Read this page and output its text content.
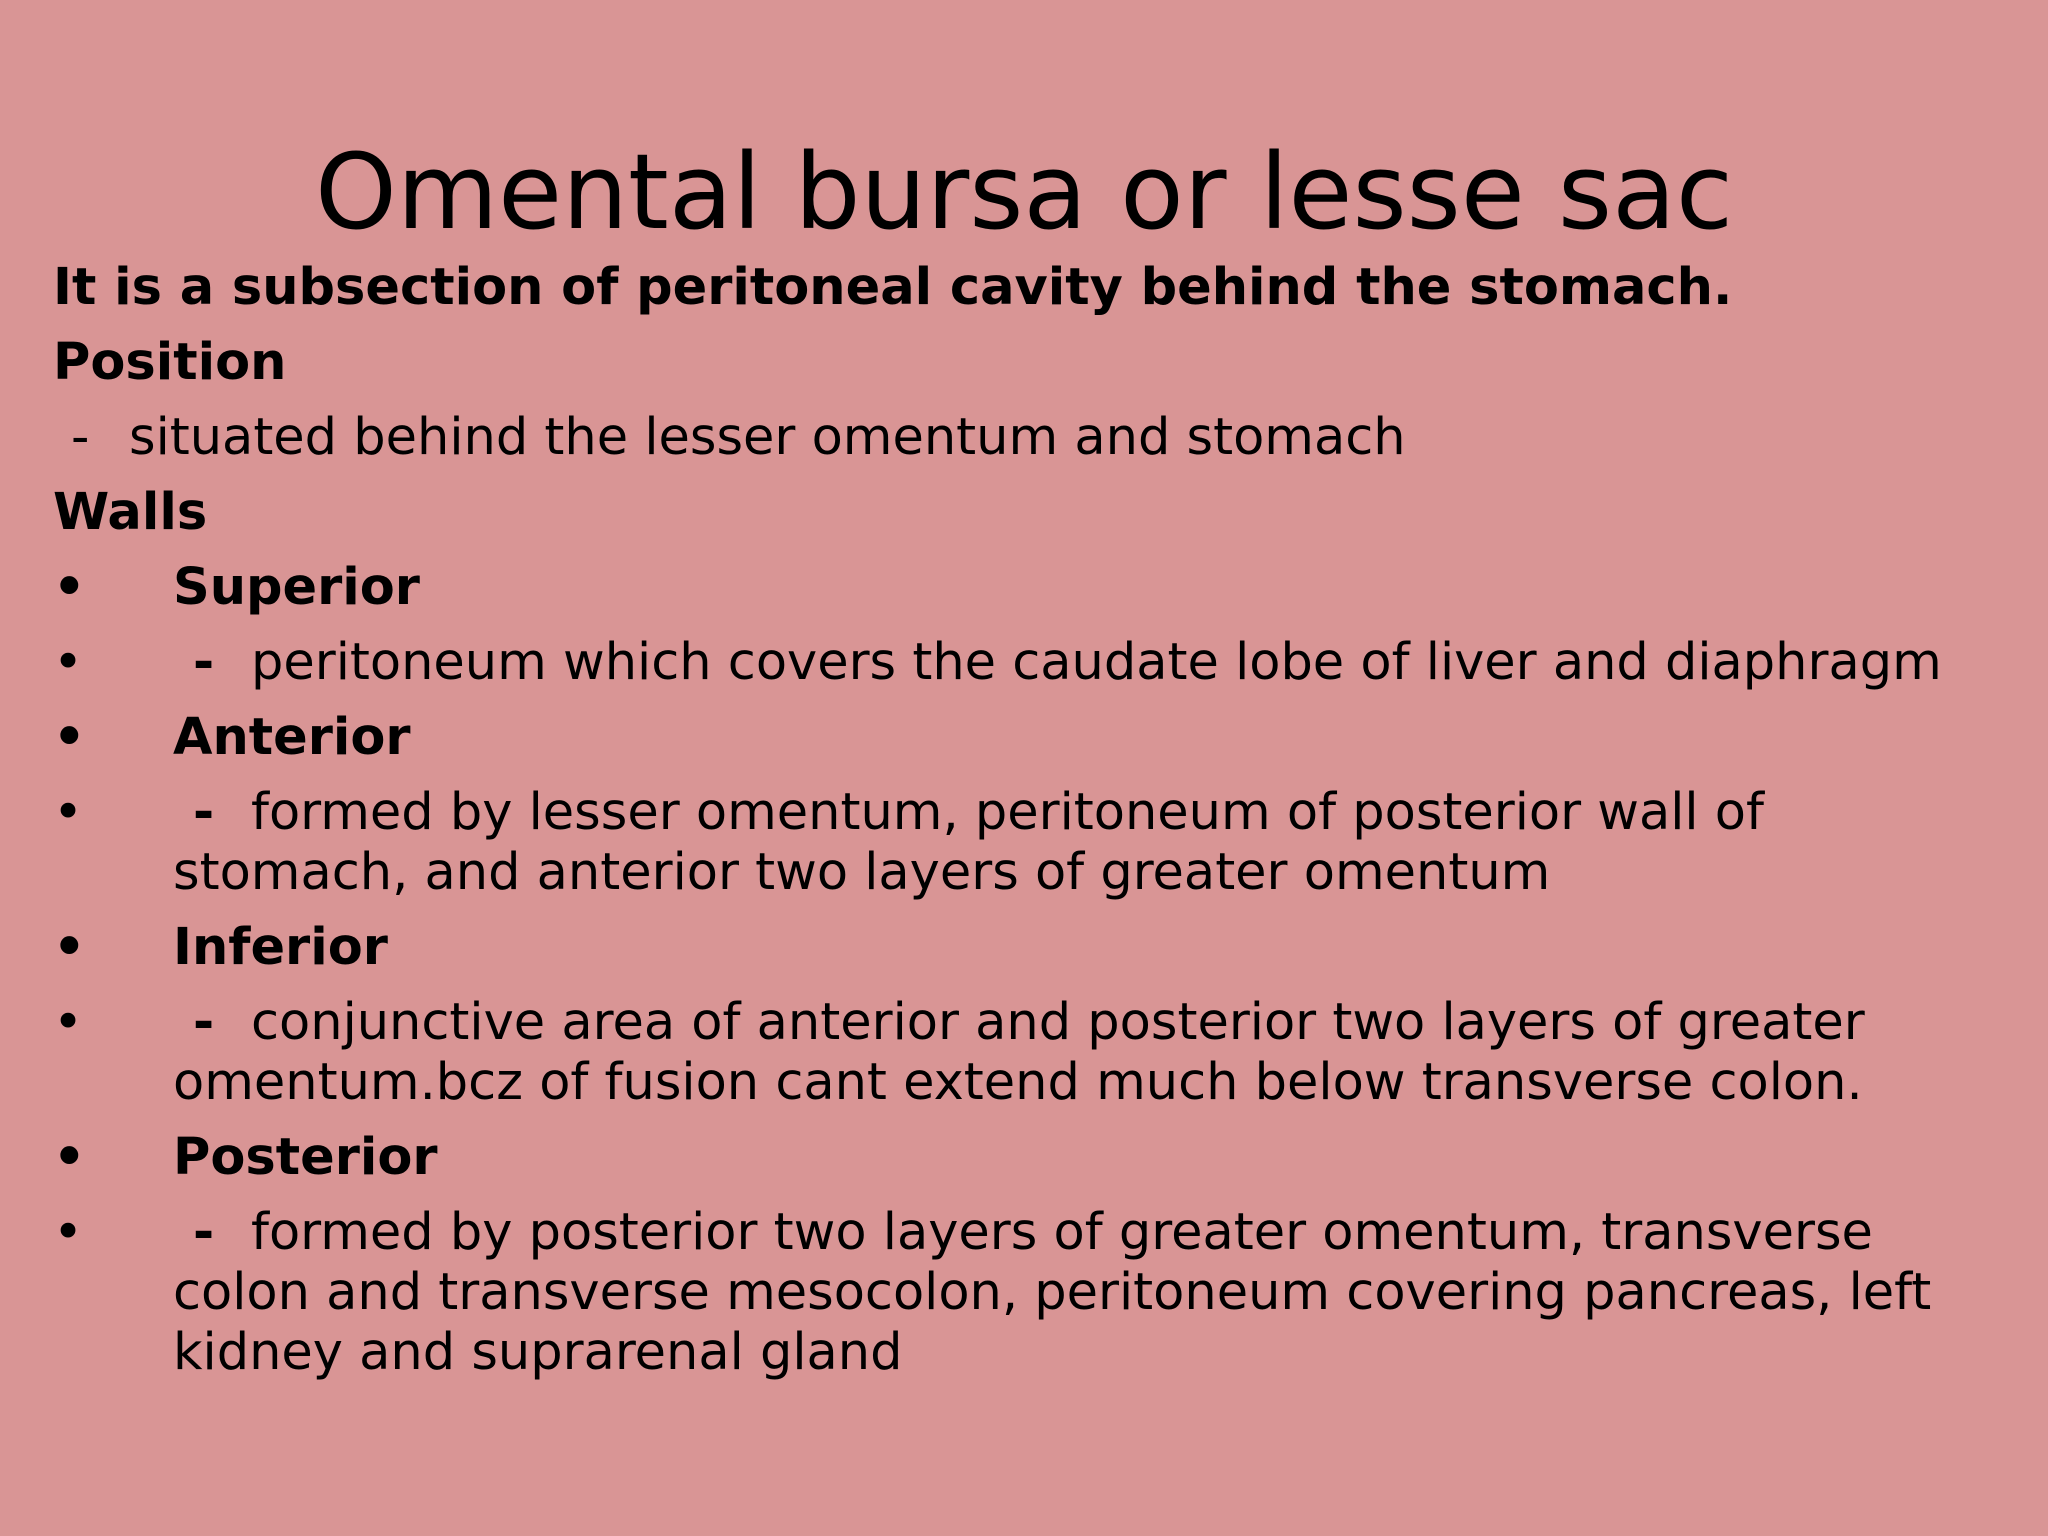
Omental bursa or lesse sac
It is a subsection of peritoneal cavity behind the stomach.
Position
- situated behind the lesser omentum and stomach
Walls
• Superior
• - peritoneum which covers the caudate lobe of liver and diaphragm
• Anterior
• - formed by lesser omentum, peritoneum of posterior wall of stomach, and anterior two layers of greater omentum
• Inferior
• - conjunctive area of anterior and posterior two layers of greater omentum.bcz of fusion cant extend much below transverse colon.
• Posterior
• - formed by posterior two layers of greater omentum, transverse colon and transverse mesocolon, peritoneum covering pancreas, left kidney and suprarenal gland
